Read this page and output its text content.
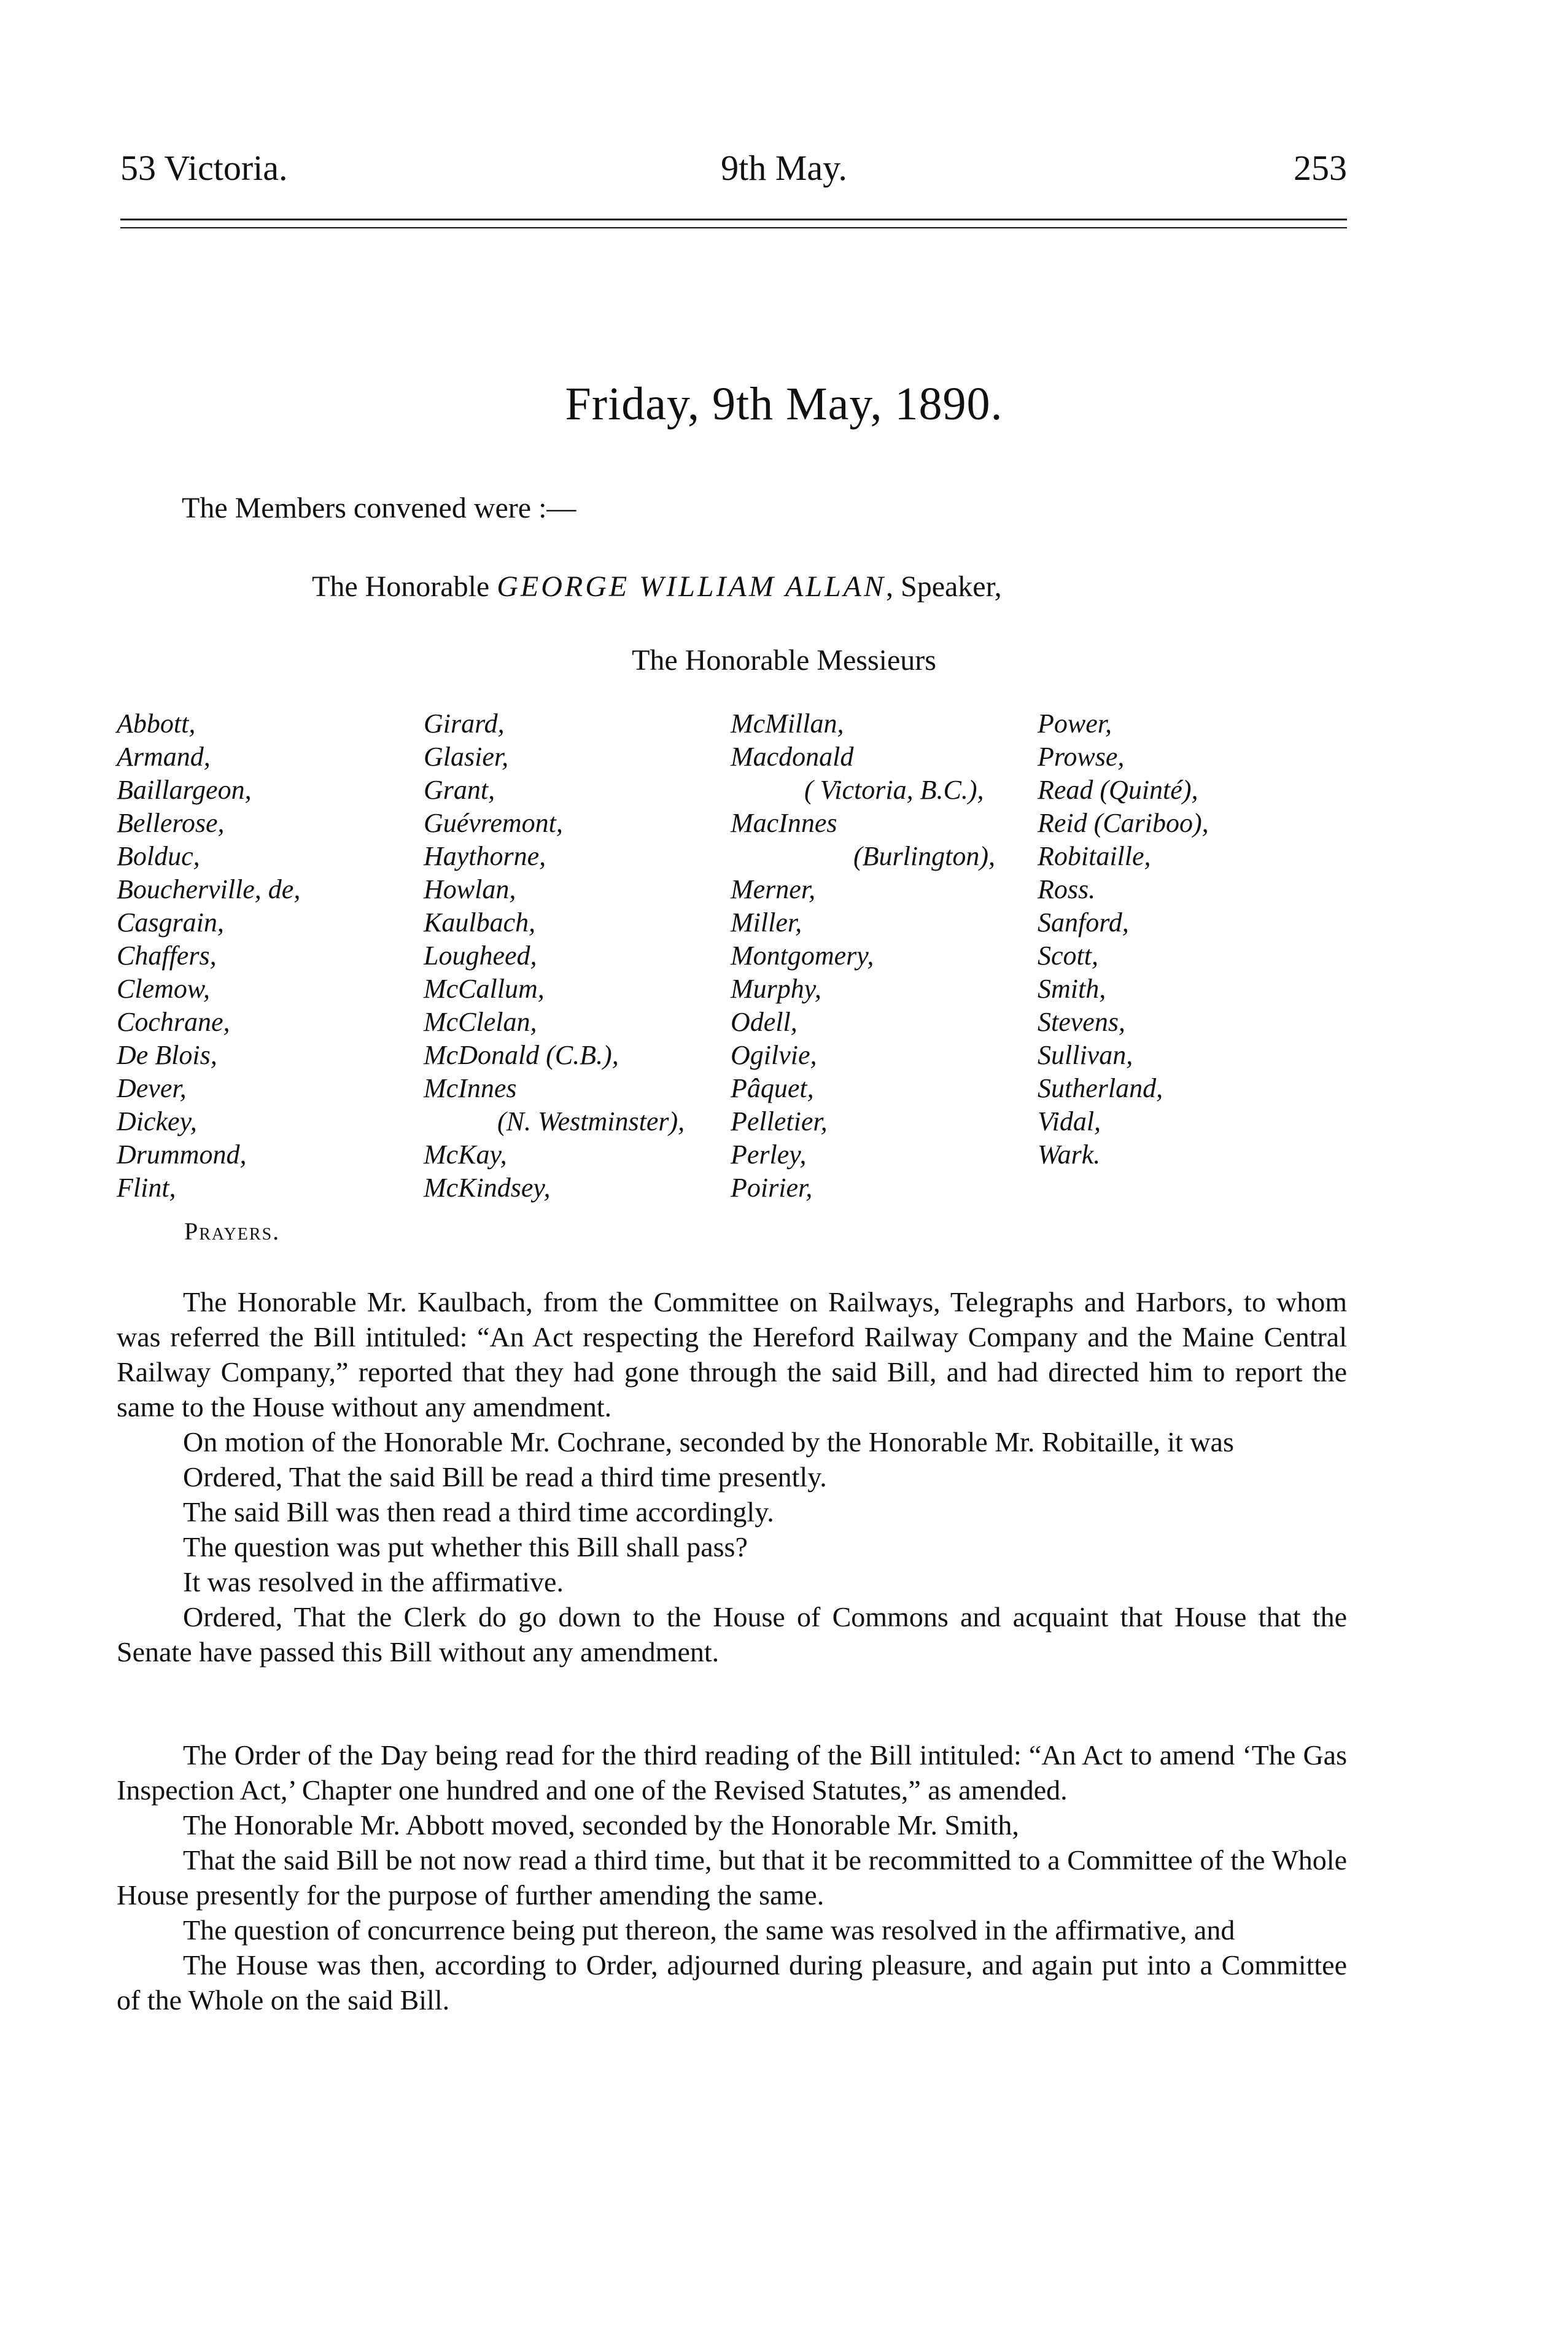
53 Victoria.	9th May.	253
Friday, 9th May, 1890.
The Members convened were :—
The Honorable GEORGE WILLIAM ALLAN, Speaker,
The Honorable Messieurs
Abbott,
Armand,
Baillargeon,
Bellerose,
Bolduc,
Boucherville, de,
Casgrain,
Chaffers,
Clemow,
Cochrane,
De Blois,
Dever,
Dickey,
Drummond,
Flint,
Girard,
Glasier,
Grant,
Guévremont,
Haythorne,
Howlan,
Kaulbach,
Lougheed,
McCallum,
McClelan,
McDonald (C.B.),
McInnes
(N. Westminster),
McKay,
McKindsey,
McMillan,
Macdonald
( Victoria, B.C.),
MacInnes
(Burlington),
Merner,
Miller,
Montgomery,
Murphy,
Odell,
Ogilvie,
Pâquet,
Pelletier,
Perley,
Poirier,
Power,
Prowse,
Read (Quinté),
Reid (Cariboo),
Robitaille,
Ross.
Sanford,
Scott,
Smith,
Stevens,
Sullivan,
Sutherland,
Vidal,
Wark.
Prayers.

The Honorable Mr. Kaulbach, from the Committee on Railways, Telegraphs and Harbors, to whom was referred the Bill intituled: “An Act respecting the Hereford Railway Company and the Maine Central Railway Company,” reported that they had gone through the said Bill, and had directed him to report the same to the House without any amendment.

On motion of the Honorable Mr. Cochrane, seconded by the Honorable Mr. Robitaille, it was

Ordered, That the said Bill be read a third time presently.

The said Bill was then read a third time accordingly.

The question was put whether this Bill shall pass?

It was resolved in the affirmative.

Ordered, That the Clerk do go down to the House of Commons and acquaint that House that the Senate have passed this Bill without any amendment.

The Order of the Day being read for the third reading of the Bill intituled: “An Act to amend ‘The Gas Inspection Act,’ Chapter one hundred and one of the Revised Statutes,” as amended.

The Honorable Mr. Abbott moved, seconded by the Honorable Mr. Smith,

That the said Bill be not now read a third time, but that it be recommitted to a Committee of the Whole House presently for the purpose of further amending the same.

The question of concurrence being put thereon, the same was resolved in the affirmative, and

The House was then, according to Order, adjourned during pleasure, and again put into a Committee of the Whole on the said Bill.
